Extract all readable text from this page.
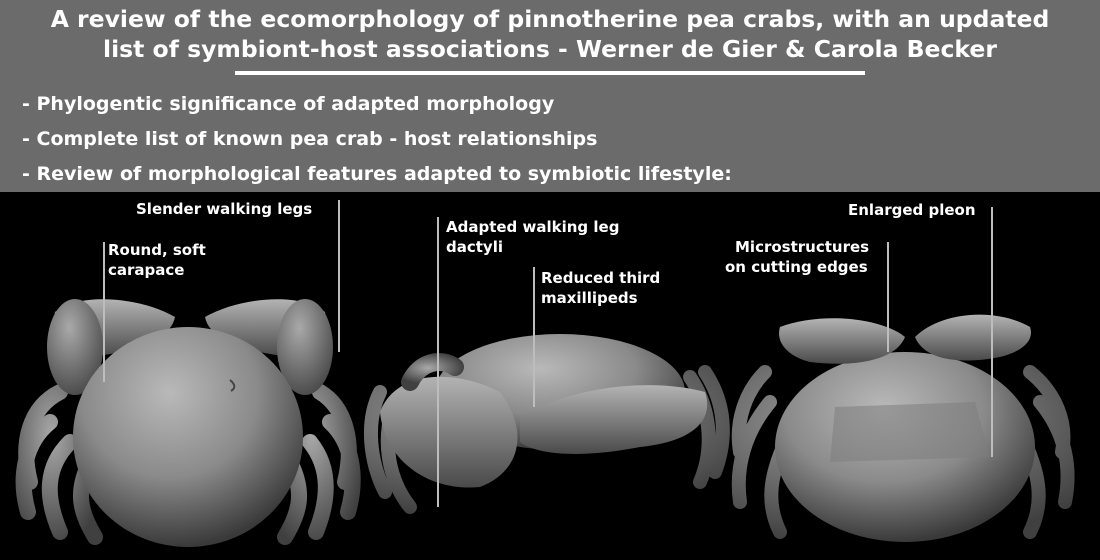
A review of the ecomorphology of pinnotherine pea crabs, with an updated
list of symbiont-host associations - Werner de Gier & Carola Becker
- Phylogentic significance of adapted morphology
- Complete list of known pea crab - host relationships
- Review of morphological features adapted to symbiotic lifestyle:
Slender walking legs
Round, soft
carapace
Adapted walking leg
dactyli
Reduced third
maxillipeds
Enlarged pleon
Microstructures
on cutting edges
